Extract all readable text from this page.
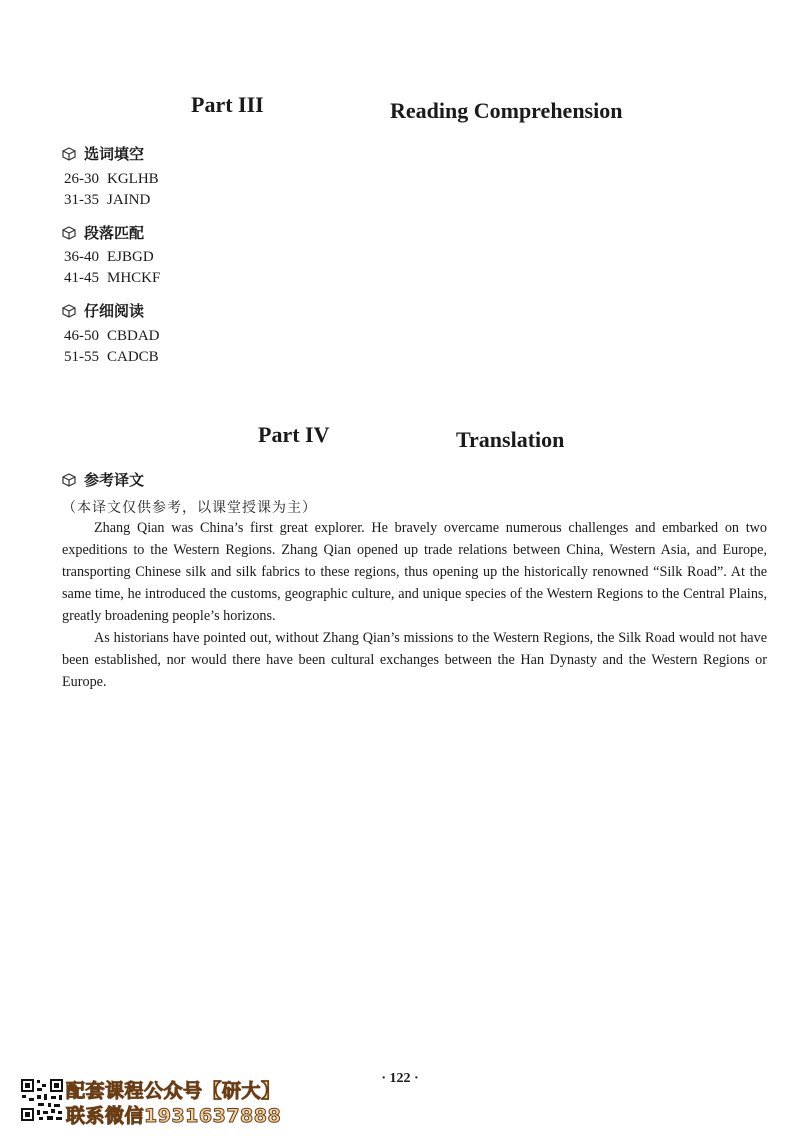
Part III	Reading Comprehension
选词填空
26-30 KGLHB
31-35 JAIND
段落匹配
36-40 EJBGD
41-45 MHCKF
仔细阅读
46-50 CBDAD
51-55 CADCB
Part IV	Translation
参考译文
（本译文仅供参考，以课堂授课为主）

Zhang Qian was China’s first great explorer. He bravely overcame numerous challenges and embarked on two expeditions to the Western Regions. Zhang Qian opened up trade relations between China, Western Asia, and Europe, transporting Chinese silk and silk fabrics to these regions, thus opening up the historically renowned “Silk Road”. At the same time, he introduced the customs, geographic culture, and unique species of the Western Regions to the Central Plains, greatly broadening people’s horizons.

As historians have pointed out, without Zhang Qian’s missions to the Western Regions, the Silk Road would not have been established, nor would there have been cultural exchanges between the Han Dynasty and the Western Regions or Europe.

· 122 ·
配套课程公众号【研大】
联系微信1931637888
